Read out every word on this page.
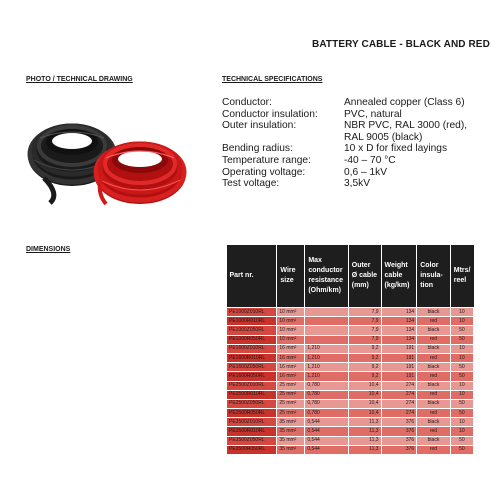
BATTERY CABLE - BLACK AND RED
PHOTO / TECHNICAL DRAWING	TECHNICAL SPECIFICATIONS
DIMENSIONS
Conductor:	Annealed copper (Class 6)
Conductor insulation:	PVC, natural
Outer insulation:	NBR PVC, RAL 3000 (red),
RAL 9005 (black)
Bending radius:	10 x D for fixed layings
Temperature range:	-40 – 70 °C
Operating voltage:	0,6 – 1kV
Test voltage:	3,5kV
Part nr.	Wire size	Max conductor resistance (Ohm/km)	Outer Ø cable (mm)	Weight cable (kg/km)	Color insula-tion	Mtrs/ reel
PE1000Z010RL	10 mm²		7,9	134	black	10
PE1000R010RL	10 mm²		7,9	134	red	10
PE1000Z050RL	10 mm²		7,9	134	black	50
PE1000R050RL	10 mm²		7,9	134	red	50
PE1600Z010RL	16 mm²	1,210	9,2	191	black	10
PE1600R010RL	16 mm²	1,210	9,2	191	red	10
PE1600Z050RL	16 mm²	1,210	9,2	191	black	50
PE1600R050RL	16 mm²	1,210	9,2	191	red	50
PE2500Z010RL	25 mm²	0,780	10,4	274	black	10
PE2500R010RL	25 mm²	0,780	10,4	274	red	10
PE2500Z050RL	25 mm²	0,780	10,4	274	black	50
PE2500R050RL	25 mm²	0,780	10,4	274	red	50
PE3500Z010RL	35 mm²	0,544	11,3	376	black	10
PE3500R010RL	35 mm²	0,544	11,3	376	red	10
PE3500Z050RL	35 mm²	0,544	11,3	376	black	50
PE3500R050RL	35 mm²	0,544	11,3	376	red	50
